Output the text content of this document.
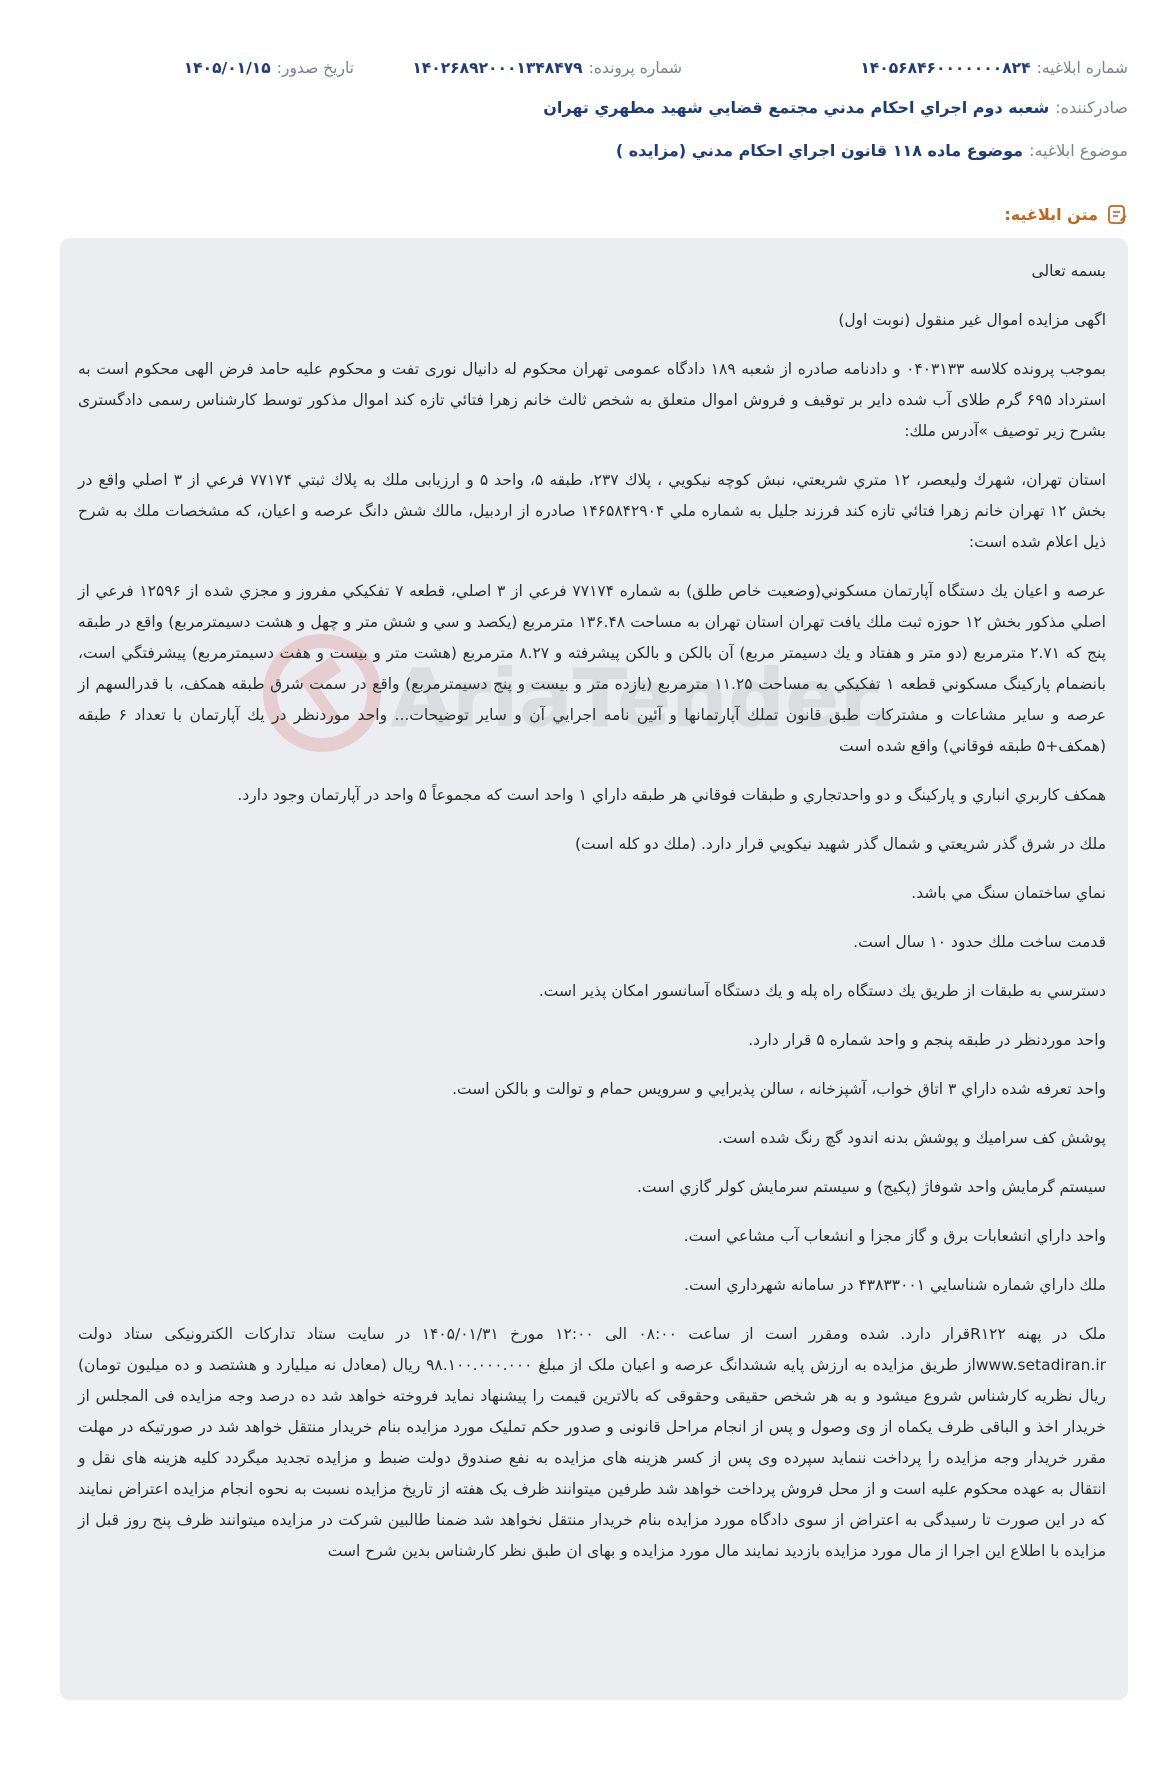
شماره ابلاغيه:۱۴۰۵۶۸۴۶۰۰۰۰۰۰۰۸۲۴
شماره پرونده:۱۴۰۲۶۸۹۲۰۰۰۱۳۴۸۴۷۹
تاريخ صدور:۱۴۰۵/۰۱/۱۵
صادرکننده:شعبه دوم اجراي احكام مدني مجتمع قضايي شهيد مطهري تهران
موضوع ابلاغيه:موضوع ماده ۱۱۸ قانون اجراي احكام مدني (مزايده )
متن ابلاغيه:
AriaTender.

بسمه تعالی

اگهی مزایده اموال غیر منقول (نوبت اول)

بموجب پرونده کلاسه ۰۴۰۳۱۳۳ و دادنامه صادره از شعبه ۱۸۹ دادگاه عمومی تهران محکوم له دانیال نوری تفت و محکوم علیه حامد فرض الهی محکوم است به استرداد ۶۹۵ گرم طلای آب شده دایر بر توقیف و فروش اموال متعلق به شخص ثالث خانم زهرا فتائي تازه کند اموال مذکور توسط کارشناس رسمی دادگستری بشرح زیر توصیف »آدرس ملك:

استان تهران، شهرك وليعصر، ۱۲ متري شريعتي، نبش كوچه نيكويي ، پلاك ۲۳۷، طبقه ۵، واحد ۵ و ارزیابی ملك به پلاك ثبتي ۷۷۱۷۴ فرعي از ۳ اصلي واقع در بخش ۱۲ تهران خانم زهرا فتائي تازه كند فرزند جليل به شماره ملي ۱۴۶۵۸۴۲۹۰۴ صادره از اردبيل، مالك شش دانگ عرصه و اعيان، كه مشخصات ملك به شرح ذيل اعلام شده است:

عرصه و اعيان يك دستگاه آپارتمان مسكوني(وضعيت خاص طلق) به شماره ۷۷۱۷۴ فرعي از ۳ اصلي، قطعه ۷ تفكيكي مفروز و مجزي شده از ۱۲۵۹۶ فرعي از اصلي مذكور بخش ۱۲ حوزه ثبت ملك يافت تهران استان تهران به مساحت ۱۳۶.۴۸ مترمربع (يكصد و سي و شش متر و چهل و هشت دسيمترمربع) واقع در طبقه پنج كه ۲.۷۱ مترمربع (دو متر و هفتاد و يك دسيمتر مربع) آن بالكن و بالكن پيشرفته و ۸.۲۷ مترمربع (هشت متر و بيست و هفت دسيمترمربع) پيشرفتگي است، بانضمام پاركينگ مسكوني قطعه ۱ تفكيكي به مساحت ۱۱.۲۵ مترمربع (يازده متر و بيست و پنج دسيمترمربع) واقع در سمت شرق طبقه همكف، با قدرالسهم از عرصه و ساير مشاعات و مشتركات طبق قانون تملك آپارتمانها و آئين نامه اجرايي آن و ساير توضيحات... واحد موردنظر در يك آپارتمان با تعداد ۶ طبقه (همكف+۵ طبقه فوقاني) واقع شده است

همكف كاربري انباري و پاركينگ و دو واحدتجاري و طبقات فوقاني هر طبقه داراي ۱ واحد است كه مجموعاً ۵ واحد در آپارتمان وجود دارد.

ملك در شرق گذر شريعتي و شمال گذر شهيد نيكويي قرار دارد. (ملك دو كله است)

نماي ساختمان سنگ مي باشد.

قدمت ساخت ملك حدود ۱۰ سال است.

دسترسي به طبقات از طريق يك دستگاه راه پله و يك دستگاه آسانسور امكان پذير است.

واحد موردنظر در طبقه پنجم و واحد شماره ۵ قرار دارد.

واحد تعرفه شده داراي ۳ اتاق خواب، آشپزخانه ، سالن پذيرايي و سرويس حمام و توالت و بالكن است.

پوشش كف سراميك و پوشش بدنه اندود گچ رنگ شده است.

سيستم گرمايش واحد شوفاژ (پكيج) و سيستم سرمايش كولر گازي است.

واحد داراي انشعابات برق و گاز مجزا و انشعاب آب مشاعي است.

ملك داراي شماره شناسايي ۴۳۸۳۳۰۰۱ در سامانه شهرداري است.

ملک در پهنه R۱۲۲قرار دارد. شده ومقرر است از ساعت ۰۸:۰۰ الی ۱۲:۰۰ مورخ ۱۴۰۵/۰۱/۳۱ در سایت ستاد تدارکات الکترونیکی ستاد دولت www.setadiran.irاز طریق مزایده به ارزش پایه ششدانگ عرصه و اعیان ملک از مبلغ ۹۸.۱۰۰.۰۰۰.۰۰۰ ریال (معادل نه میلیارد و هشتصد و ده میلیون تومان) ریال نظریه کارشناس شروع میشود و به هر شخص حقیقی وحقوقی که بالاترین قیمت را پیشنهاد نماید فروخته خواهد شد ده درصد وجه مزایده فی المجلس از خریدار اخذ و الباقی ظرف یکماه از وی وصول و پس از انجام مراحل قانونی و صدور حکم تملیک مورد مزایده بنام خریدار منتقل خواهد شد در صورتیکه در مهلت مقرر خریدار وجه مزایده را پرداخت ننماید سپرده وی پس از کسر هزینه های مزایده به نفع صندوق دولت ضبط و مزایده تجدید میگردد کلیه هزینه های نقل و انتقال به عهده محکوم علیه است و از محل فروش پرداخت خواهد شد طرفین میتوانند ظرف یک هفته از تاریخ مزایده نسبت به نحوه انجام مزایده اعتراض نمایند که در این صورت تا رسیدگی به اعتراض از سوی دادگاه مورد مزایده بنام خریدار منتقل نخواهد شد ضمنا طالبین شرکت در مزایده میتوانند ظرف پنج روز قبل از مزایده با اطلاع این اجرا از مال مورد مزایده بازدید نمایند مال مورد مزایده و بهای ان طبق نظر کارشناس بدین شرح است
